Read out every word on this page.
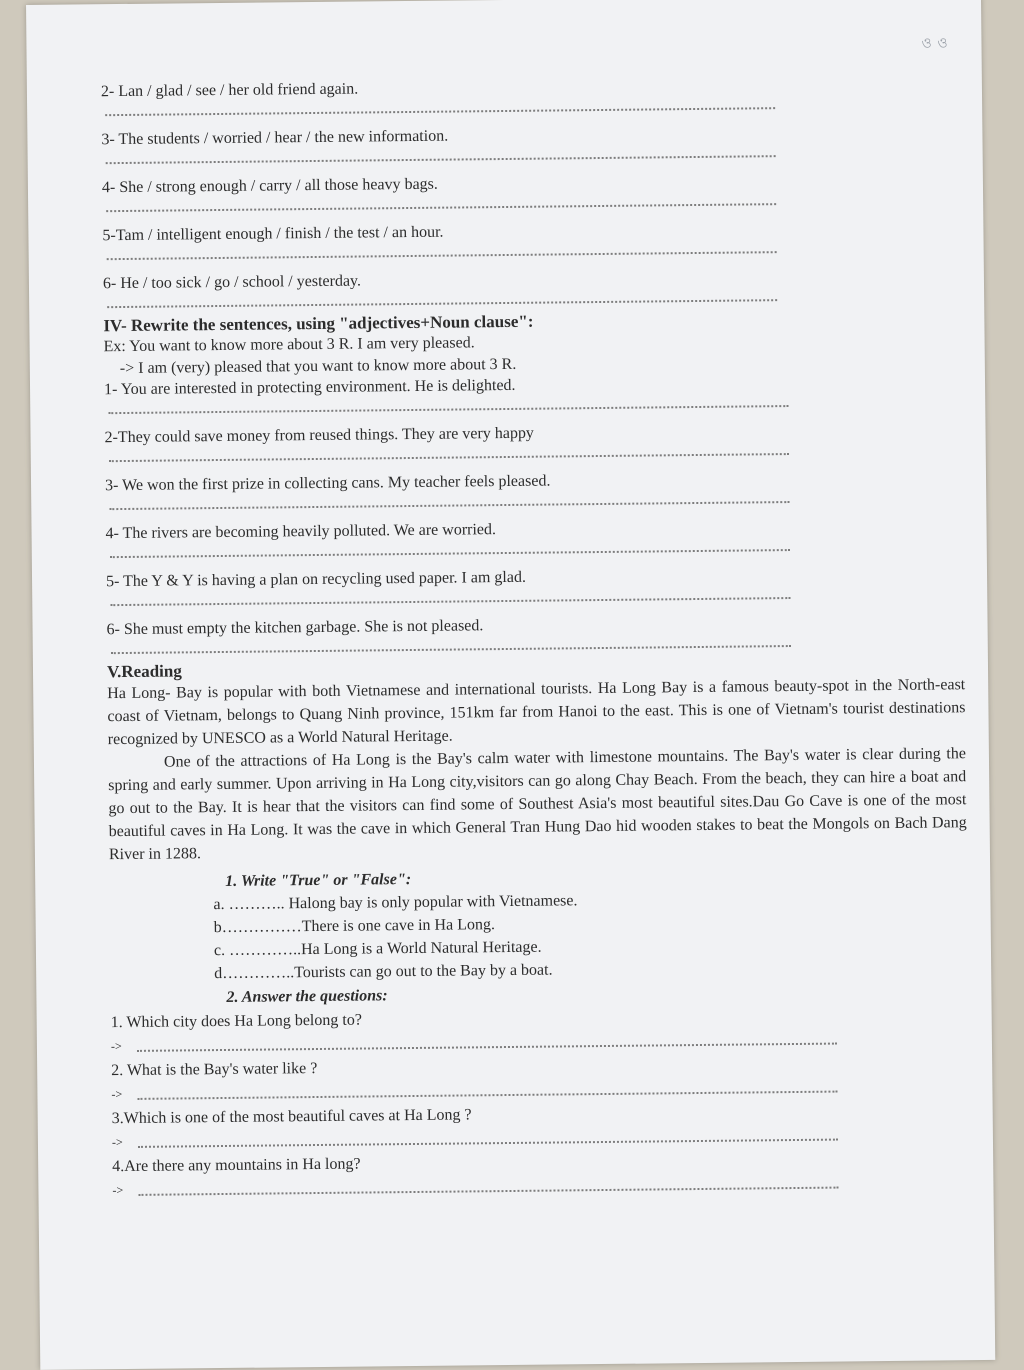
ও ও

2- Lan / glad / see / her old friend again.

3- The students / worried / hear / the new information.

4- She / strong enough / carry / all those heavy bags.

5-Tam / intelligent enough / finish / the test / an hour.

6- He / too sick / go / school / yesterday.

IV- Rewrite the sentences, using "adjectives+Noun clause":

Ex: You want to know more about 3 R. I am very pleased.

-> I am (very) pleased that you want to know more about 3 R.

1- You are interested in protecting environment. He is delighted.

2-They could save money from reused things. They are very happy

3- We won the first prize in collecting cans. My teacher feels pleased.

4- The rivers are becoming heavily polluted. We are worried.

5- The Y & Y is having a plan on recycling used paper. I am glad.

6- She must empty the kitchen garbage. She is not pleased.

V.Reading

Ha Long- Bay is popular with both Vietnamese and international tourists. Ha Long Bay is a famous beauty-spot in the North-east coast of Vietnam, belongs to Quang Ninh province, 151km far from Hanoi to the east. This is one of Vietnam's tourist destinations recognized by UNESCO as a World Natural Heritage.

One of the attractions of Ha Long is the Bay's calm water with limestone mountains. The Bay's water is clear during the spring and early summer. Upon arriving in Ha Long city,visitors can go along Chay Beach. From the beach, they can hire a boat and go out to the Bay. It is hear that the visitors can find some of Southest Asia's most beautiful sites.Dau Go Cave is one of the most beautiful caves in Ha Long. It was the cave in which General Tran Hung Dao hid wooden stakes to beat the Mongols on Bach Dang River in 1288.

1. Write "True" or "False":

a. ……….. Halong bay is only popular with Vietnamese.

b……………There is one cave in Ha Long.

c. …………..Ha Long is a World Natural Heritage.

d…………..Tourists can go out to the Bay by a boat.

2. Answer the questions:

1. Which city does Ha Long belong to?

->

2. What is the Bay's water like ?

->

3.Which is one of the most beautiful caves at Ha Long ?

->

4.Are there any mountains in Ha long?

->
